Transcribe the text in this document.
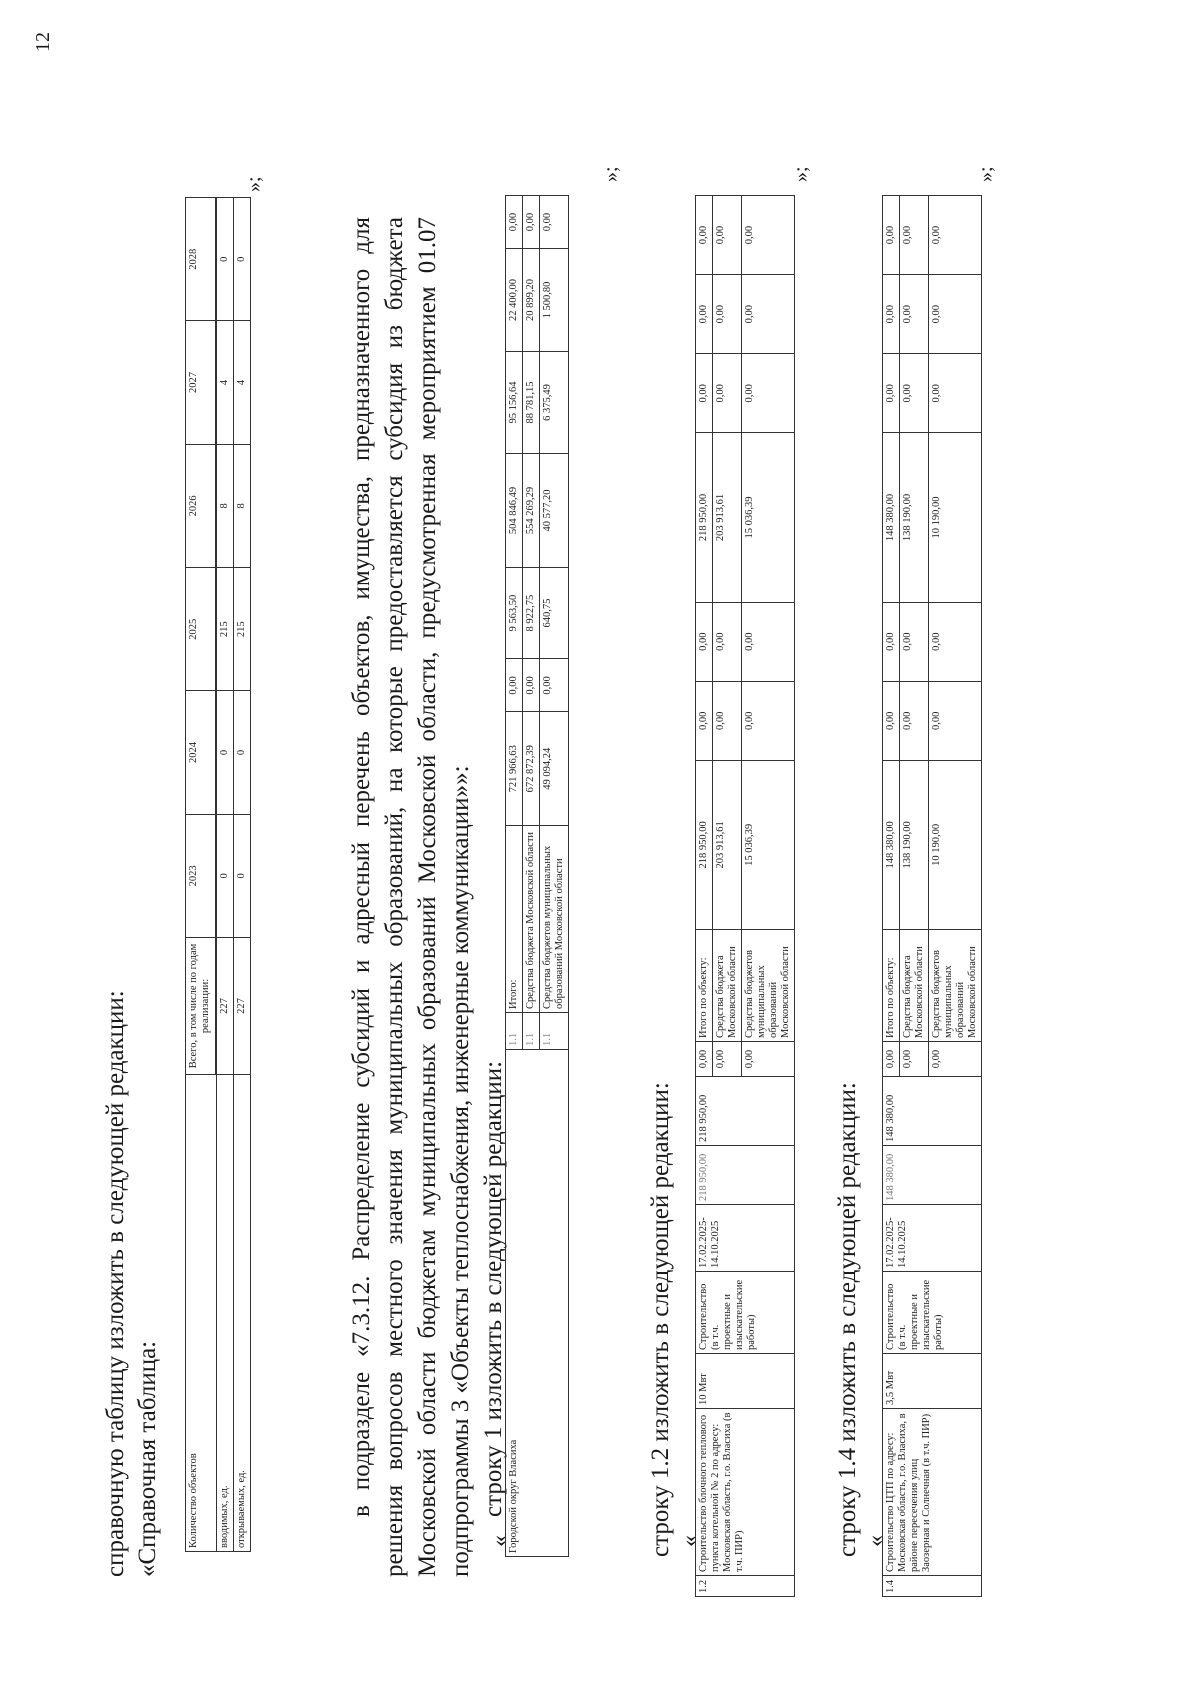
12
справочную таблицу изложить в следующей редакции: «Справочная таблица:	Количество объектов	Всего, в том числе по годам реализации:	2023	2024	2025	2026	2027	2028

вводимых, ед.	227	0	0	215	8	4	0
открываемых, ед.	227	0	0	215	8	4	0
»;

в подразделе «7.3.12. Распределение субсидий и адресный перечень объектов, имущества, предназначенного для решения вопросов местного значения муниципальных образований, на которые предоставляется субсидия из бюджета Московской области бюджетам муниципальных образований Московской области, предусмотренная мероприятием 01.07 подпрограммы 3 «Объекты теплоснабжения, инженерные коммуникации»»: строку 1 изложить в следующей редакции:

«
Городской округ Власиха	1.1	Итого:	721 966,63	0,00	9 563,50	504 846,49	95 156,64	22 400,00	0,00
	1.1	Средства бюджета Московской области	672 872,39	0,00	8 922,75	554 269,29	88 781,15	20 899,20	0,00
	1.1	Средства бюджетов муниципальных образований Московской области	49 094,24	0,00	640,75	40 577,20	6 375,49	1 500,80	0,00
»;
строку 1.2 изложить в следующей редакции: «
1.2	Строительство блочного теплового пункта котельной № 2 по адресу: Московская область, г.о. Власиха (в т.ч. ПИР)	10 Мвт	Строительство (в т.ч. проектные и изыскательские работы)	17.02.2025-14.10.2025	218 950,00	218 950,00	0,00	Итого по объекту:	218 950,00	0,00	0,00	218 950,00	0,00	0,00	0,00
							0,00	Средства бюджета Московской области	203 913,61	0,00	0,00	203 913,61	0,00	0,00	0,00
							0,00	Средства бюджетов муниципальных образований Московской области	15 036,39	0,00	0,00	15 036,39	0,00	0,00	0,00
»;
строку 1.4 изложить в следующей редакции: «
1.4	Строительство ЦТП по адресу: Московская область, г.о. Власиха, в районе пересечения улиц Заозерная и Солнечная (в т.ч. ПИР)	3,5 Мвт	Строительство (в т.ч. проектные и изыскательские работы)	17.02.2025-14.10.2025	148 380,00	148 380,00	0,00	Итого по объекту:	148 380,00	0,00	0,00	148 380,00	0,00	0,00	0,00
							0,00	Средства бюджета Московской области	138 190,00	0,00	0,00	138 190,00	0,00	0,00	0,00
							0,00	Средства бюджетов муниципальных образований Московской области	10 190,00	0,00	0,00	10 190,00	0,00	0,00	0,00
»;
